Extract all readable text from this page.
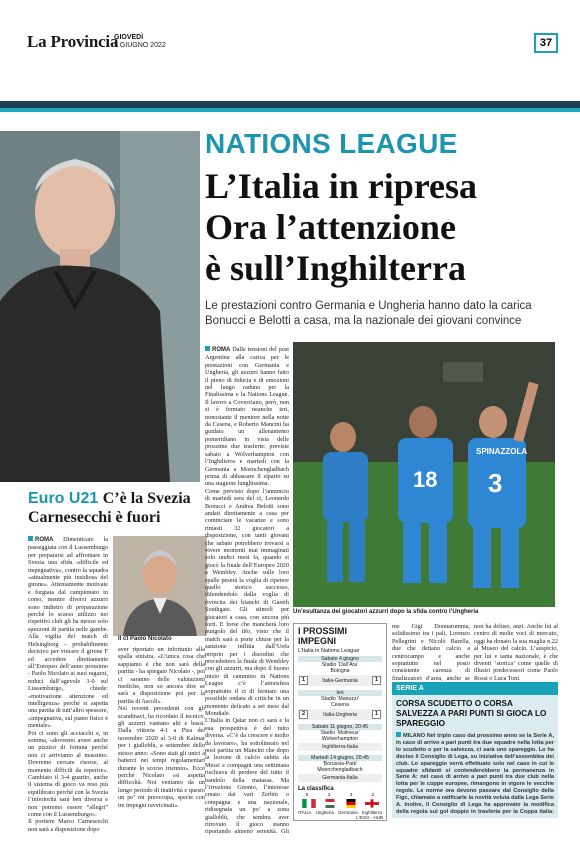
La Provincia
GIOVEDÌ
9 GIUGNO 2022	37
Euro U21 C’è la Svezia
Carnesecchi è fuori
ROMA Dimenticare la passeggiata con il Lussemburgo per prepararsi ad affrontare in Svezia una sfida «difficile ed impegnativa», contro la squadra «attualmente più insidiosa del girone». Atteniamente motivate e forgiata dal campionato in corso, mentre diversi azzurri sono indietro di preparazione perché lo scarso utilizzo nei rispettivi club gli ha messo solo spezzoni di partita nelle gambe. Alla vigilia del match di Helsingborg - probabilmente decisivo per vincere il girone F ed accedere direttamente all’Europeo dell’anno prossimo - Paolo Nicolato ai suoi ragazzi, reduci dall’agevole 3-0 sul Lussemburgo, chiede: «motivazione attenzione ed intelligenza» perché si aspetta una partita di tutt’altro spessore, «impegnativa, sul piano fisico e mentale».
Poi ci sono gli acciacchi e, in somma, «dovremo avere anche un pizzico di fortuna perché non ci arriviamo al massimo. Dovremo cercare risorse, al momento difficili da reperire». Cambiato il 3-4 guarito, anche il sistema di gioco va reso più equilibrato perché con la Svezia l’inferiorità sarà ben diversa e non potremo essere “allegri” come con il Lussemburgo».
Il portiere Marco Carnesecchi non sarà a disposizione dopo
Il ct Paolo Nicolato
aver riportato un infortunio alla spalla sinistra. «L’unica cosa che sappiamo è che non sarà della partita - ha spiegato Nicolato -, poi ci saranno delle valutazioni mediche, non so ancora dire se sarà a disposizione poi per la partita di Ascoli».
Nei recenti precedenti con gli scandinavi, ha ricordato il tecnico, gli azzurri vantano alti e bassi. Dalla vittoria 4-1 a Pisa del novembre 2020 al 3-0 di Kalmar per i gialloblù, a settembre dello stesso anno: «Sono stati gli unici a batterci nei tempi regolamentari durante lo scorso triennio». Ecco perché Nicolato «si aspetta difficoltà. Noi veniamo da un lungo periodo di inattività e questo un po’ mi preoccupa, specie con tre impegni ravvicinati».
NATIONS LEAGUE
L’Italia in ripresa
Ora l’attenzione
è sull’Inghilterra
Le prestazioni contro Germania e Ungheria hanno dato la carica Bonucci e Belotti a casa, ma la nazionale dei giovani convince
ROMA Dalle tensioni del post Argentina alla carica per le prestazioni con Germania e Ungheria, gli azzurri hanno fatto il pieno di fiducia e di emozioni nel lungo raduno per la Finalissima e la Nations League. Il lavoro a Coverciano, però, non si è fermato neanche ieri, nonostante il mentore nella notte da Cesena, e Roberto Mancini ha guidato un allenamento pomeridiano in vista delle prossime due trasferte: previste sabato a Wolverhampton con l’Inghilterra e martedì con la Germania a Moenchengladbach prima di abbassare il sipario su una stagione lunghissima.
Come previsto dopo l’annuncio di martedì sera del ct, Leonardo Bonucci e Andrea Belotti sono andati direttamente a casa per cominciare le vacanze e sono rimasti 32 giocatori a disposizione, con tanti giovani che sabato potrebbero trovarsi a vivere momenti mai immaginati solo undici mesi fa, quando si giocò la finale dell’Europeo 2020 a Wembley. Anche sulle loro spalle peserà la voglia di ripetere quello storico successo, difendendolo dalla voglia di rivincita dei bianchi di Gareth Southgate. Gli stimoli per giocatori a casa, con ancora più forti. E forse che mancherà loro pungolo del tifo, visto che il match sarà a porte chiuse per la sanzione inflitta dall’Uefa proprio per i disordini che precedettero la finale di Wembley con gli azzurri, ma dopo il buono inizio di cammino in Nations League c’è l’atmosfera soprattutto il ct di fermare una possibile ondata di critiche in un momento delicato a sei mesi dal Mondiale.
L’Italia in Qatar non ci sarà e la sua prospettiva è del tutto diversa. «C’è da crescere e molto da lavorare», ha sottolineato nel post partita un Mancini che dopo la lezione di calcio subita da Messi e compagni una settimana rischiava di perdere del tutto il bandolo della matassa. Ma l’irruzione Gnonto, l’interesse creato dai vari Zerbin o compagna e una nazionale, ridisegnata un po’ a zona gialloblù, che sembra aver ritrovato il gioco stanno riportando almeno serenità. Gli
18
SPINAZZOLA
3
Un’esultanza dei giocatori azzurri dopo la sfida contro l’Ungheria
I PROSSIMI IMPEGNI
L’Italia in Nations League
Sabato 4 giugno
Stadio ‘Dall’Ara’
Bologna
1	Italia-Germania	1
Ieri
Stadio ‘Manuzzi’
Cesena
2	Italia-Ungheria	1
Sabato 11 giugno, 20:45
Stadio ‘Molineux’
Wolverhampton
Inghilterra-Italia
Martedì 14 giugno, 20:45
‘Borussia-Park’
Moenchengladbach
Germania-Italia
La classifica
5	3	3	2
ITALIA Ungheria Germania Inghilterra
L’EGO - HUB
me Gigi Donnarumma, solidissimo tra i pali, Lorenzo Pellegrini e Nicolò Barella, due che dettano calcio a centrocampo e anche soprattutto nel posto consistente carenza di finalizzatori d’area, anche se
non ha deluso, anzi. Anche lui al centro di molte voci di mercato, oggi ha donato la sua maglia n.22 al Museo del calcio. L’auspicio, per lui e tanta nazionale, è che diventi ‘storica’ come quelle di illustri predecessori come Paolo Rossi o Luca Toni.
SERIE A
CORSA SCUDETTO O CORSA SALVEZZA A PARI PUNTI SI GIOCA LO SPAREGGIO
MILANO Nel triplo caso dal prossimo anno se la Serie A, in caso di arrivo a pari punti tra due squadre nella lotta per lo scudetto o per la salvezza, ci sarà uno spareggio. Lo ha deciso il Consiglio di Lega, su iniziativa dell’assemblea dei club. Lo spareggio verrà effettuato solo nel caso in cui le squadre sfidanti si contenderebbero la permanenza in Serie A: nel caso di arrivo a pari punti tra due club nella lotta per le coppe europee, rimangono in vigore le vecchie regole. Le norme ora devono passare dal Consiglio della Figc, chiamato a ratificarle la novità voluta dalla Lega Serie A. Inoltre, il Consiglio di Lega ha approvato la modifica della regola sul gol doppio in trasferta per la Coppa Italia:
